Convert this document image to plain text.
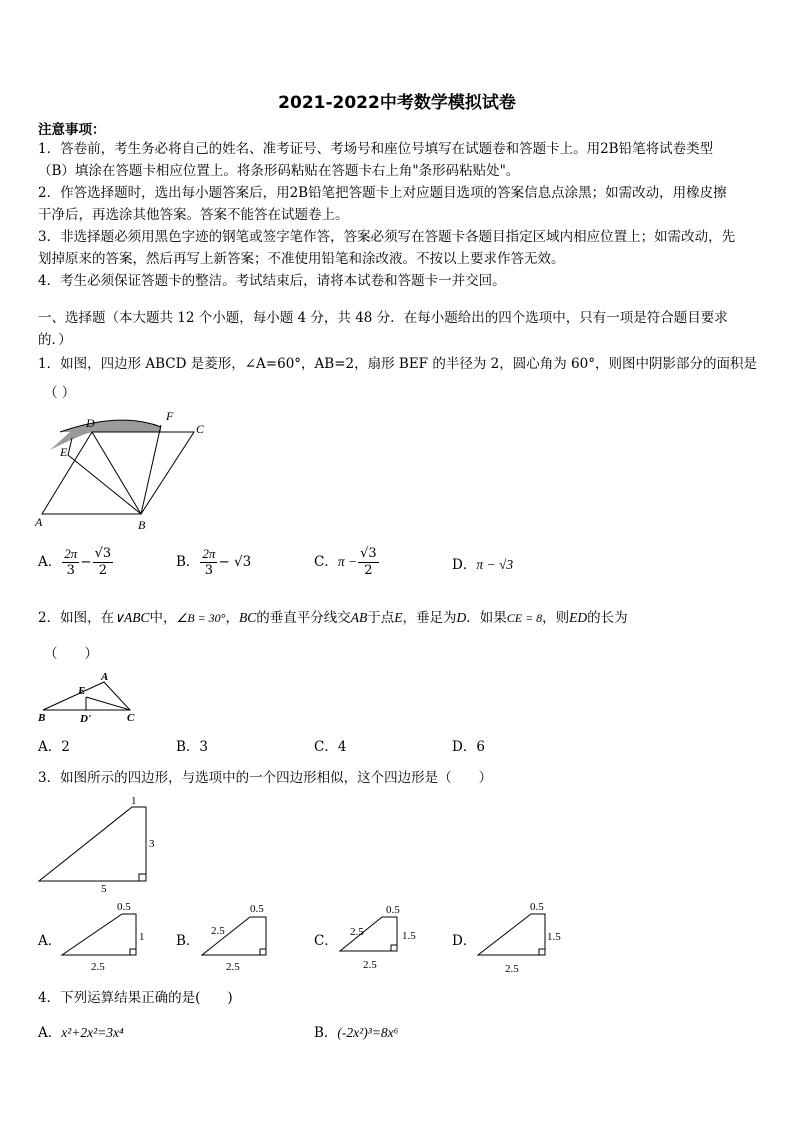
2021-2022中考数学模拟试卷
注意事项：
1．答卷前，考生务必将自己的姓名、准考证号、考场号和座位号填写在试题卷和答题卡上。用2B铅笔将试卷类型
（B）填涂在答题卡相应位置上。将条形码粘贴在答题卡右上角"条形码粘贴处"。
2．作答选择题时，选出每小题答案后，用2B铅笔把答题卡上对应题目选项的答案信息点涂黑；如需改动，用橡皮擦
干净后，再选涂其他答案。答案不能答在试题卷上。
3．非选择题必须用黑色字迹的钢笔或签字笔作答，答案必须写在答题卡各题目指定区域内相应位置上；如需改动，先
划掉原来的答案，然后再写上新答案；不准使用铅笔和涂改液。不按以上要求作答无效。
4．考生必须保证答题卡的整洁。考试结束后，请将本试卷和答题卡一并交回。
一、选择题（本大题共 12 个小题，每小题 4 分，共 48 分．在每小题给出的四个选项中，只有一项是符合题目要求
的．）
1．如图，四边形 ABCD 是菱形，∠A=60°，AB=2，扇形 BEF 的半径为 2，圆心角为 60°，则图中阴影部分的面积是
（ ）
A	B
C
D
E
F
A． $\frac{2\pi}{3} - \frac{√3}{2}$	B． $\frac{2\pi}{3} - √3$	C．$\pi - \frac{√3}{2}$	D．π − √3
2．如图，在∨ABC中，∠B = 30°，BC的垂直平分线交AB于点E，垂足为D．如果CE = 8，则ED的长为
（　　）
B	C
A
E
D'
A．2	B．3	C．4	D．6
3．如图所示的四边形，与选项中的一个四边形相似，这个四边形是（　　）
1
3
5
A．
0.5
1
2.5
B．
0.5
2.5
2.5
C．
0.5
1.5
2.5
2.5
D．
0.5
1.5
2.5
4．下列运算结果正确的是(　　)
A．x²+2x²=3x⁴	B．(-2x²)³=8x⁶
